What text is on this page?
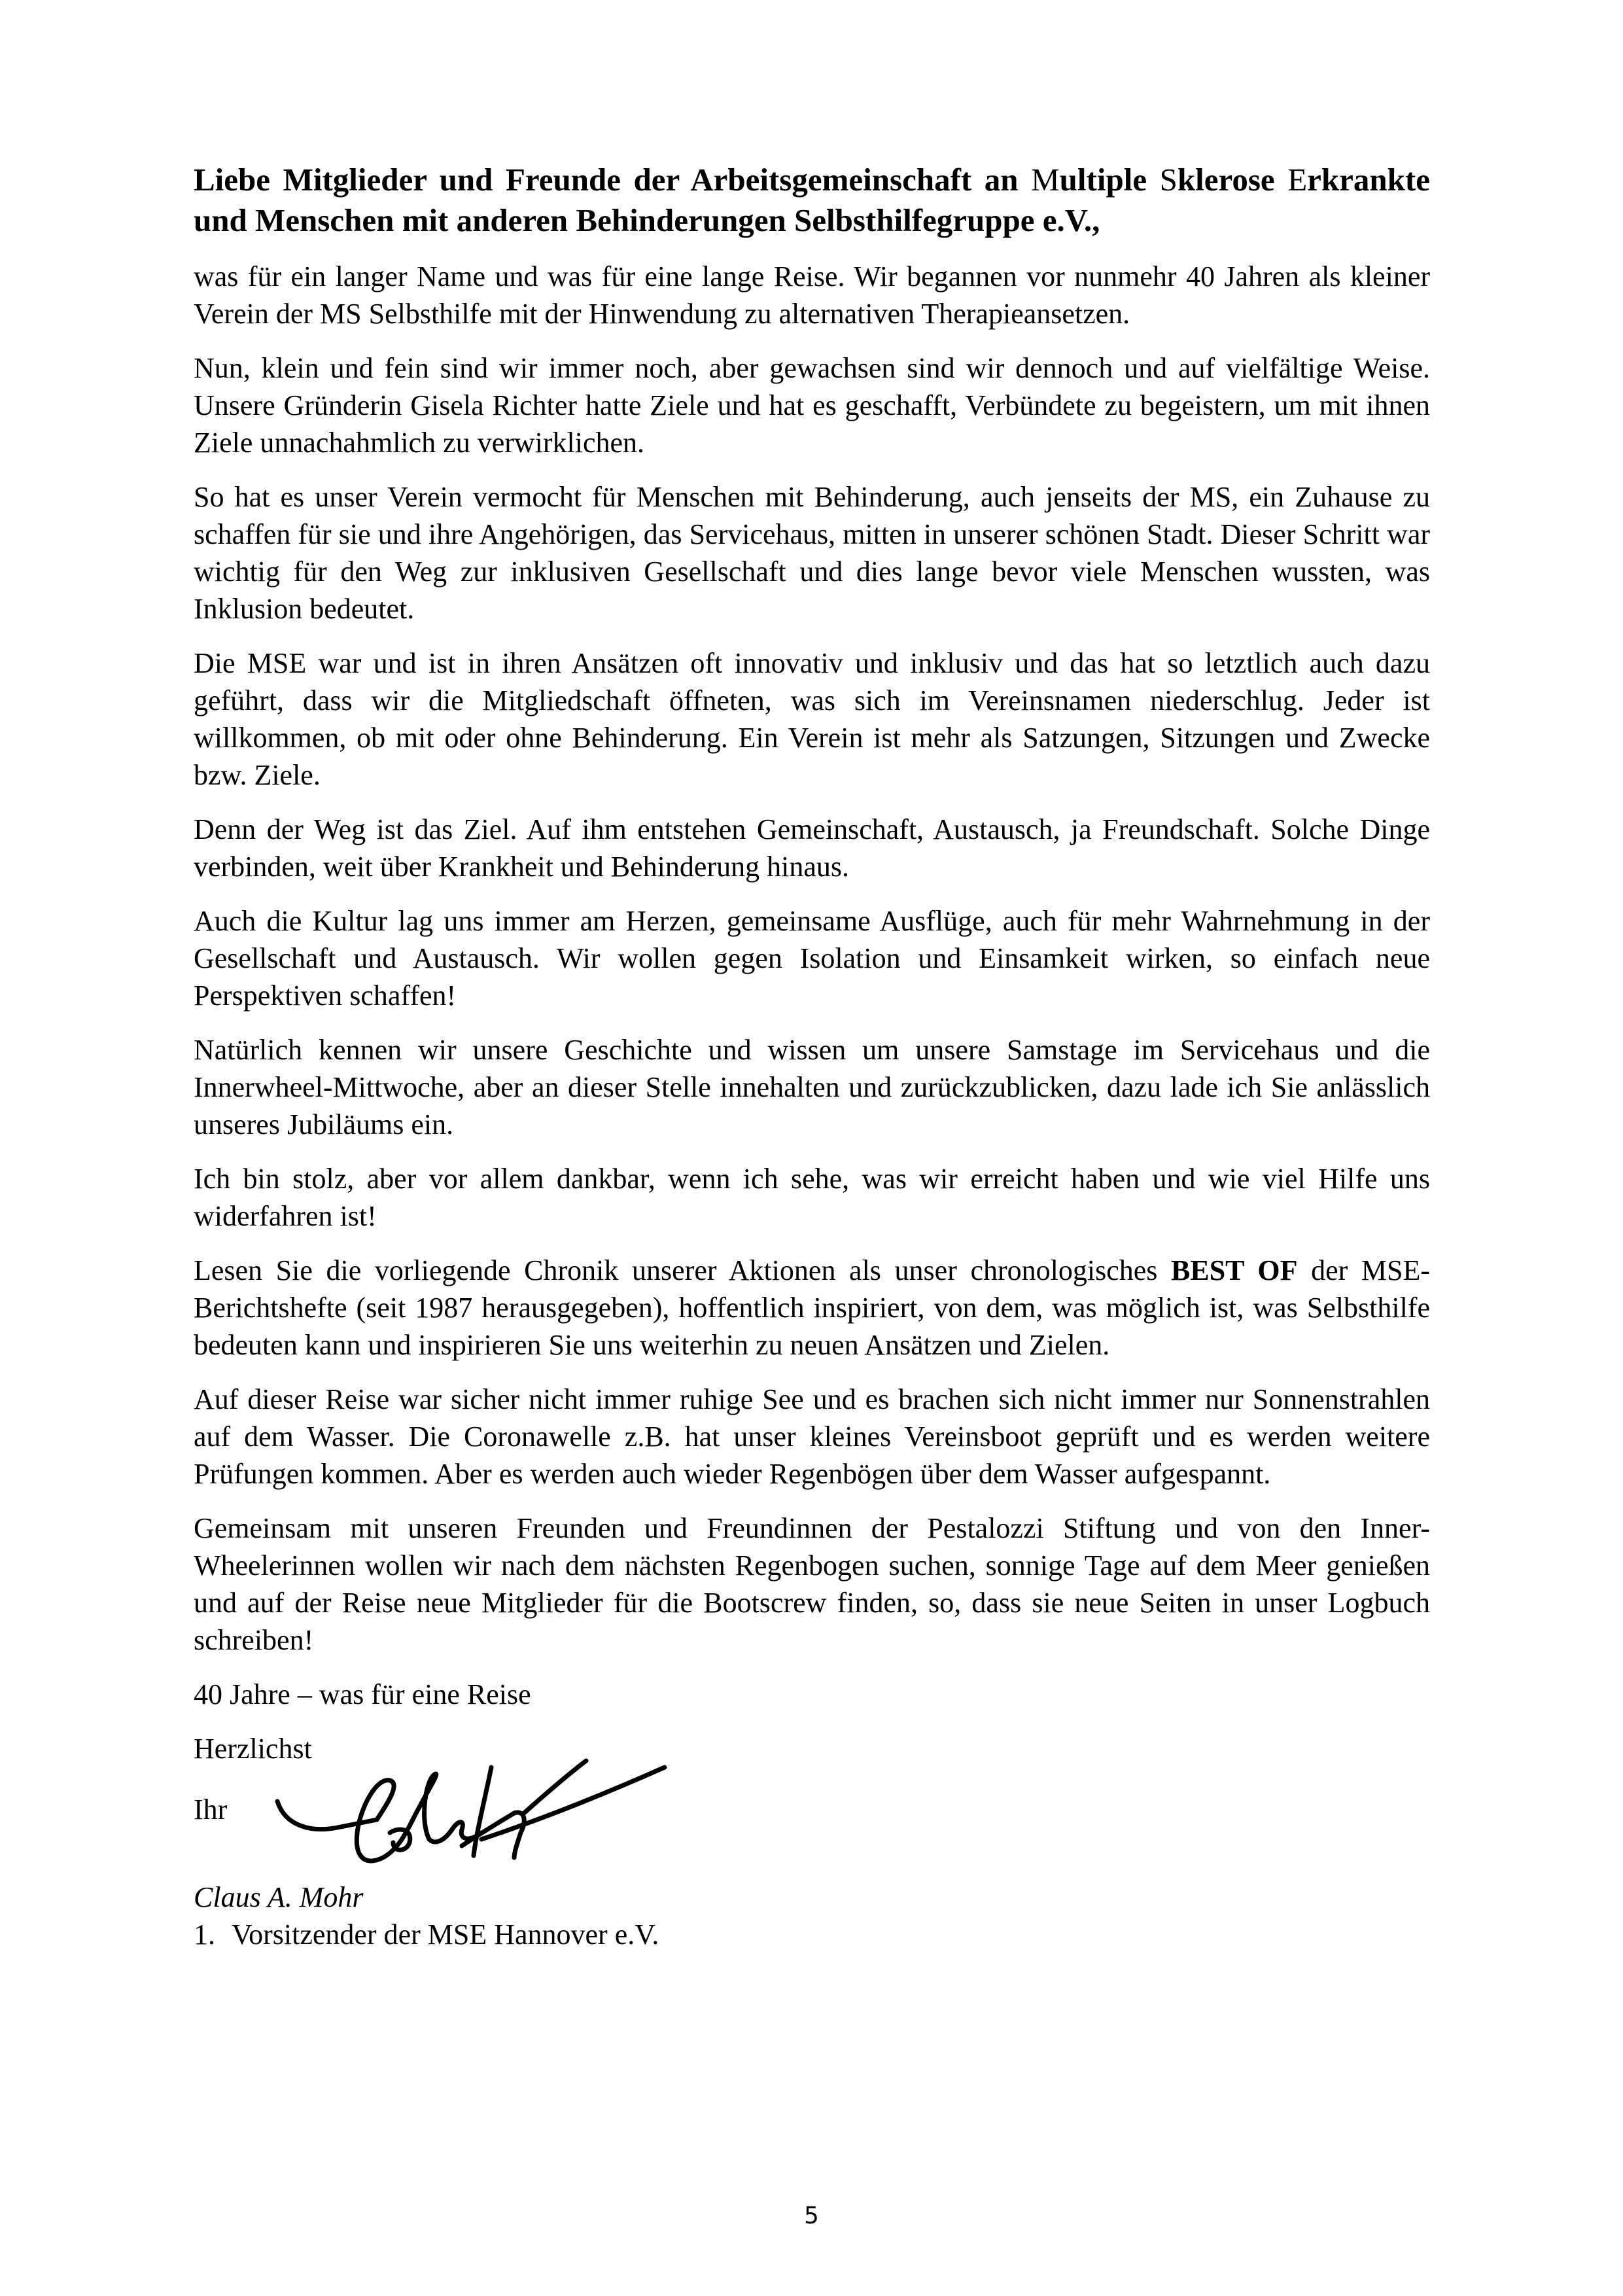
Liebe Mitglieder und Freunde der Arbeitsgemeinschaft an Multiple Sklerose Erkrankte und Menschen mit anderen Behinderungen Selbsthilfegruppe e.V.,

was für ein langer Name und was für eine lange Reise. Wir begannen vor nunmehr 40 Jahren als kleiner Verein der MS Selbsthilfe mit der Hinwendung zu alternativen Therapieansetzen.

Nun, klein und fein sind wir immer noch, aber gewachsen sind wir dennoch und auf vielfältige Weise. Unsere Gründerin Gisela Richter hatte Ziele und hat es geschafft, Verbündete zu begeistern, um mit ihnen Ziele unnachahmlich zu verwirklichen.

So hat es unser Verein vermocht für Menschen mit Behinderung, auch jenseits der MS, ein Zuhause zu schaffen für sie und ihre Angehörigen, das Servicehaus, mitten in unserer schönen Stadt. Dieser Schritt war wichtig für den Weg zur inklusiven Gesellschaft und dies lange bevor viele Menschen wussten, was Inklusion bedeutet.

Die MSE war und ist in ihren Ansätzen oft innovativ und inklusiv und das hat so letztlich auch dazu geführt, dass wir die Mitgliedschaft öffneten, was sich im Vereinsnamen niederschlug. Jeder ist willkommen, ob mit oder ohne Behinderung. Ein Verein ist mehr als Satzungen, Sitzungen und Zwecke bzw. Ziele.

Denn der Weg ist das Ziel. Auf ihm entstehen Gemeinschaft, Austausch, ja Freundschaft. Solche Dinge verbinden, weit über Krankheit und Behinderung hinaus.

Auch die Kultur lag uns immer am Herzen, gemeinsame Ausflüge, auch für mehr Wahrnehmung in der Gesellschaft und Austausch. Wir wollen gegen Isolation und Einsamkeit wirken, so einfach neue Perspektiven schaffen!

Natürlich kennen wir unsere Geschichte und wissen um unsere Samstage im Servicehaus und die Innerwheel-Mittwoche, aber an dieser Stelle innehalten und zurückzublicken, dazu lade ich Sie anlässlich unseres Jubiläums ein.

Ich bin stolz, aber vor allem dankbar, wenn ich sehe, was wir erreicht haben und wie viel Hilfe uns widerfahren ist!

Lesen Sie die vorliegende Chronik unserer Aktionen als unser chronologisches BEST OF der MSE-Berichtshefte (seit 1987 herausgegeben), hoffentlich inspiriert, von dem, was möglich ist, was Selbsthilfe bedeuten kann und inspirieren Sie uns weiterhin zu neuen Ansätzen und Zielen.

Auf dieser Reise war sicher nicht immer ruhige See und es brachen sich nicht immer nur Sonnenstrahlen auf dem Wasser. Die Coronawelle z.B. hat unser kleines Vereinsboot geprüft und es werden weitere Prüfungen kommen. Aber es werden auch wieder Regenbögen über dem Wasser aufgespannt.

Gemeinsam mit unseren Freunden und Freundinnen der Pestalozzi Stiftung und von den Inner-Wheelerinnen wollen wir nach dem nächsten Regenbogen suchen, sonnige Tage auf dem Meer genießen und auf der Reise neue Mitglieder für die Bootscrew finden, so, dass sie neue Seiten in unser Logbuch schreiben!

40 Jahre – was für eine Reise

Herzlichst

Ihr

Claus A. Mohr

1. Vorsitzender der MSE Hannover e.V.

5
